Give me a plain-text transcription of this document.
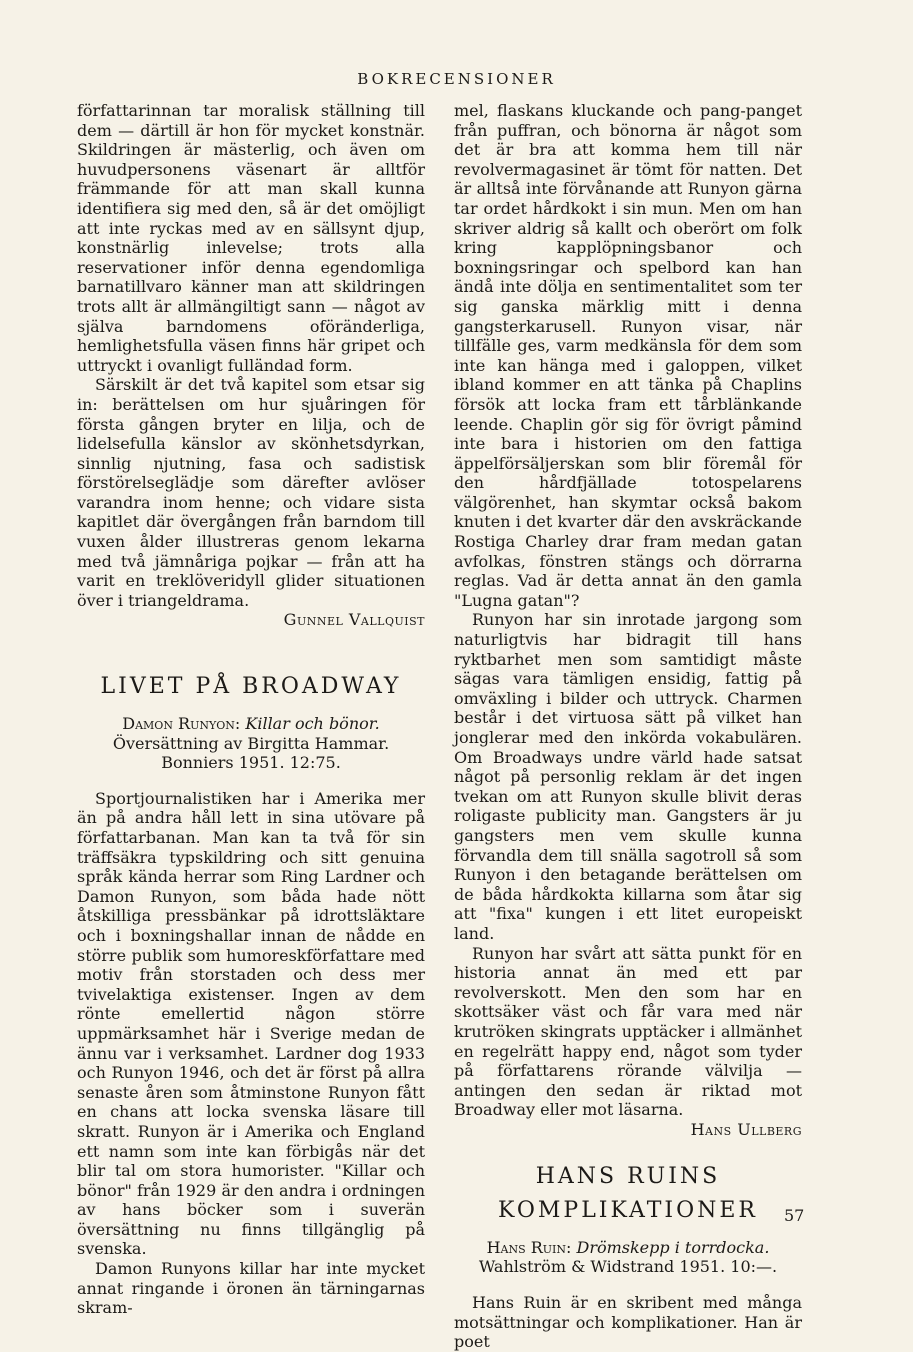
BOKRECENSIONER

författarinnan tar moralisk ställning till dem — därtill är hon för mycket konstnär. Skildringen är mästerlig, och även om huvudpersonens väsenart är alltför främmande för att man skall kunna identifiera sig med den, så är det omöjligt att inte ryckas med av en sällsynt djup, konstnärlig inlevelse; trots alla reservationer inför denna egendomliga barnatillvaro känner man att skildringen trots allt är allmängiltigt sann — något av själva barndomens oföränderliga, hemlighetsfulla väsen finns här gripet och uttryckt i ovanligt fulländad form.

Särskilt är det två kapitel som etsar sig in: berättelsen om hur sjuåringen för första gången bryter en lilja, och de lidelsefulla känslor av skönhetsdyrkan, sinnlig njutning, fasa och sadistisk förstörelseglädje som därefter avlöser varandra inom henne; och vidare sista kapitlet där övergången från barndom till vuxen ålder illustreras genom lekarna med två jämnåriga pojkar — från att ha varit en treklöveridyll glider situationen över i triangeldrama.

Gunnel Vallquist

LIVET PÅ BROADWAY

Damon Runyon: Killar och bönor. Översättning av Birgitta Hammar. Bonniers 1951. 12:75.

Sportjournalistiken har i Amerika mer än på andra håll lett in sina utövare på författarbanan. Man kan ta två för sin träffsäkra typskildring och sitt genuina språk kända herrar som Ring Lardner och Damon Runyon, som båda hade nött åtskilliga pressbänkar på idrottsläktare och i boxningshallar innan de nådde en större publik som humoreskförfattare med motiv från storstaden och dess mer tvivelaktiga existenser. Ingen av dem rönte emellertid någon större uppmärksamhet här i Sverige medan de ännu var i verksamhet. Lardner dog 1933 och Runyon 1946, och det är först på allra senaste åren som åtminstone Runyon fått en chans att locka svenska läsare till skratt. Runyon är i Amerika och England ett namn som inte kan förbigås när det blir tal om stora humorister. "Killar och bönor" från 1929 är den andra i ordningen av hans böcker som i suverän översättning nu finns tillgänglig på svenska.

Damon Runyons killar har inte mycket annat ringande i öronen än tärningarnas skram-

mel, flaskans kluckande och pang-panget från puffran, och bönorna är något som det är bra att komma hem till när revolvermagasinet är tömt för natten. Det är alltså inte förvånande att Runyon gärna tar ordet hårdkokt i sin mun. Men om han skriver aldrig så kallt och oberört om folk kring kapplöpningsbanor och boxningsringar och spelbord kan han ändå inte dölja en sentimentalitet som ter sig ganska märklig mitt i denna gangsterkarusell. Runyon visar, när tillfälle ges, varm medkänsla för dem som inte kan hänga med i galoppen, vilket ibland kommer en att tänka på Chaplins försök att locka fram ett tårblänkande leende. Chaplin gör sig för övrigt påmind inte bara i historien om den fattiga äppelförsäljerskan som blir föremål för den hårdfjällade totospelarens välgörenhet, han skymtar också bakom knuten i det kvarter där den avskräckande Rostiga Charley drar fram medan gatan avfolkas, fönstren stängs och dörrarna reglas. Vad är detta annat än den gamla "Lugna gatan"?

Runyon har sin inrotade jargong som naturligtvis har bidragit till hans ryktbarhet men som samtidigt måste sägas vara tämligen ensidig, fattig på omväxling i bilder och uttryck. Charmen består i det virtuosa sätt på vilket han jonglerar med den inkörda vokabulären. Om Broadways undre värld hade satsat något på personlig reklam är det ingen tvekan om att Runyon skulle blivit deras roligaste publicity man. Gangsters är ju gangsters men vem skulle kunna förvandla dem till snälla sagotroll så som Runyon i den betagande berättelsen om de båda hårdkokta killarna som åtar sig att "fixa" kungen i ett litet europeiskt land.

Runyon har svårt att sätta punkt för en historia annat än med ett par revolverskott. Men den som har en skottsäker väst och får vara med när krutröken skingrats upptäcker i allmänhet en regelrätt happy end, något som tyder på författarens rörande välvilja — antingen den sedan är riktad mot Broadway eller mot läsarna.
Hans Ullberg

HANS RUINS KOMPLIKATIONER

Hans Ruin: Drömskepp i torrdocka. Wahlström & Widstrand 1951. 10:—.

Hans Ruin är en skribent med många motsättningar och komplikationer. Han är poet

57
